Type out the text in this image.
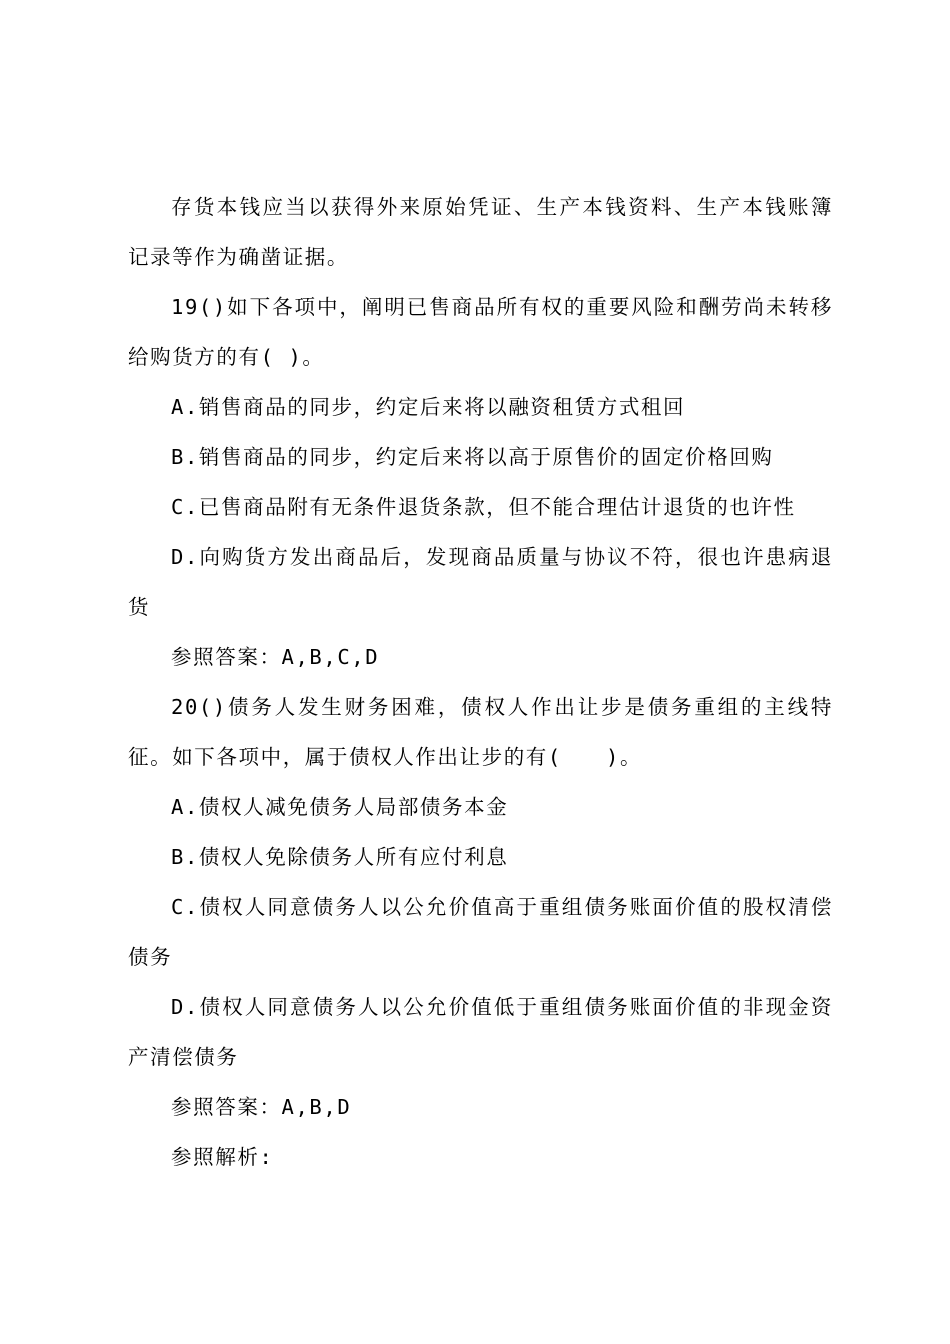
存货本钱应当以获得外来原始凭证、生产本钱资料、生产本钱账簿记录等作为确凿证据。

19()如下各项中，阐明已售商品所有权的重要风险和酬劳尚未转移给购货方的有( )。

A.销售商品的同步，约定后来将以融资租赁方式租回

B.销售商品的同步，约定后来将以高于原售价的固定价格回购

C.已售商品附有无条件退货条款，但不能合理估计退货的也许性

D.向购货方发出商品后，发现商品质量与协议不符，很也许患病退货

参照答案：A,B,C,D

20()债务人发生财务困难，债权人作出让步是债务重组的主线特征。如下各项中，属于债权人作出让步的有(　　)。

A.债权人减免债务人局部债务本金

B.债权人免除债务人所有应付利息

C.债权人同意债务人以公允价值高于重组债务账面价值的股权清偿债务

D.债权人同意债务人以公允价值低于重组债务账面价值的非现金资产清偿债务

参照答案：A,B,D

参照解析:
